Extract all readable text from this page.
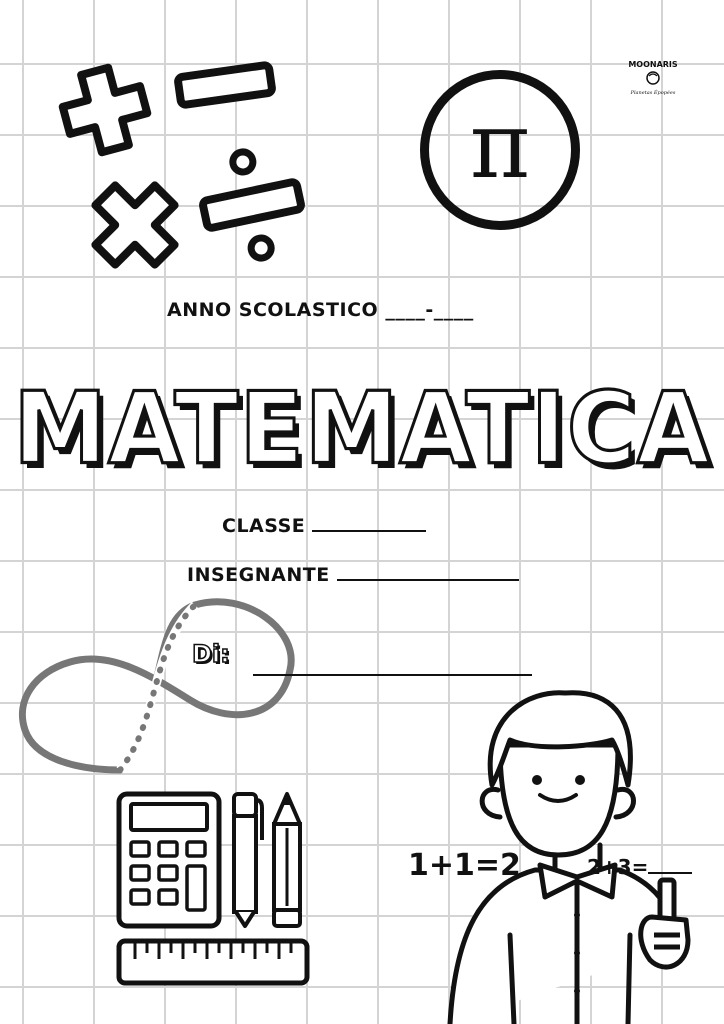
π
MOONARIS
Planetas Épopées
ANNO SCOLASTICO ____-____
MATEMATICA
CLASSE
INSEGNANTE
Di:
1+1=2	2+3=
